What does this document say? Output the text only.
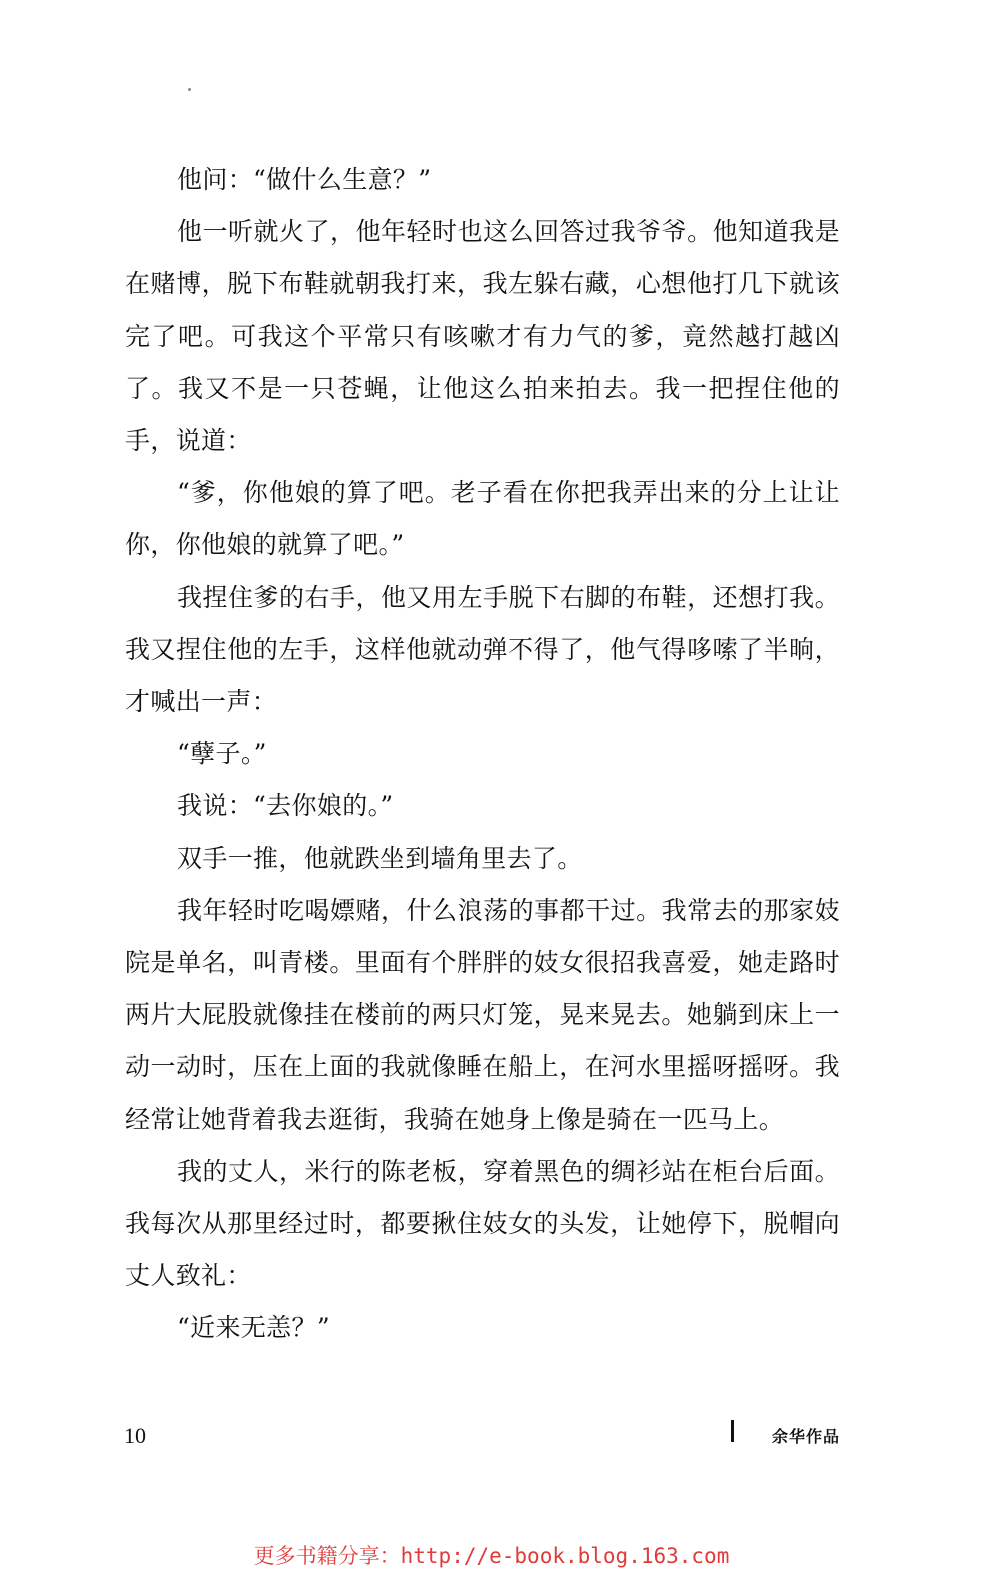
他问：“做什么生意？”

他一听就火了，他年轻时也这么回答过我爷爷。他知道我是在赌博，脱下布鞋就朝我打来，我左躲右藏，心想他打几下就该完了吧。可我这个平常只有咳嗽才有力气的爹，竟然越打越凶了。我又不是一只苍蝇，让他这么拍来拍去。我一把捏住他的手，说道：

“爹，你他娘的算了吧。老子看在你把我弄出来的分上让让你，你他娘的就算了吧。”

我捏住爹的右手，他又用左手脱下右脚的布鞋，还想打我。我又捏住他的左手，这样他就动弹不得了，他气得哆嗦了半晌，才喊出一声：

“孽子。”

我说：“去你娘的。”

双手一推，他就跌坐到墙角里去了。

我年轻时吃喝嫖赌，什么浪荡的事都干过。我常去的那家妓院是单名，叫青楼。里面有个胖胖的妓女很招我喜爱，她走路时两片大屁股就像挂在楼前的两只灯笼，晃来晃去。她躺到床上一动一动时，压在上面的我就像睡在船上，在河水里摇呀摇呀。我经常让她背着我去逛街，我骑在她身上像是骑在一匹马上。

我的丈人，米行的陈老板，穿着黑色的绸衫站在柜台后面。我每次从那里经过时，都要揪住妓女的头发，让她停下，脱帽向丈人致礼：

“近来无恙？”

10	余华作品
更多书籍分享：http://e-book.blog.163.com
